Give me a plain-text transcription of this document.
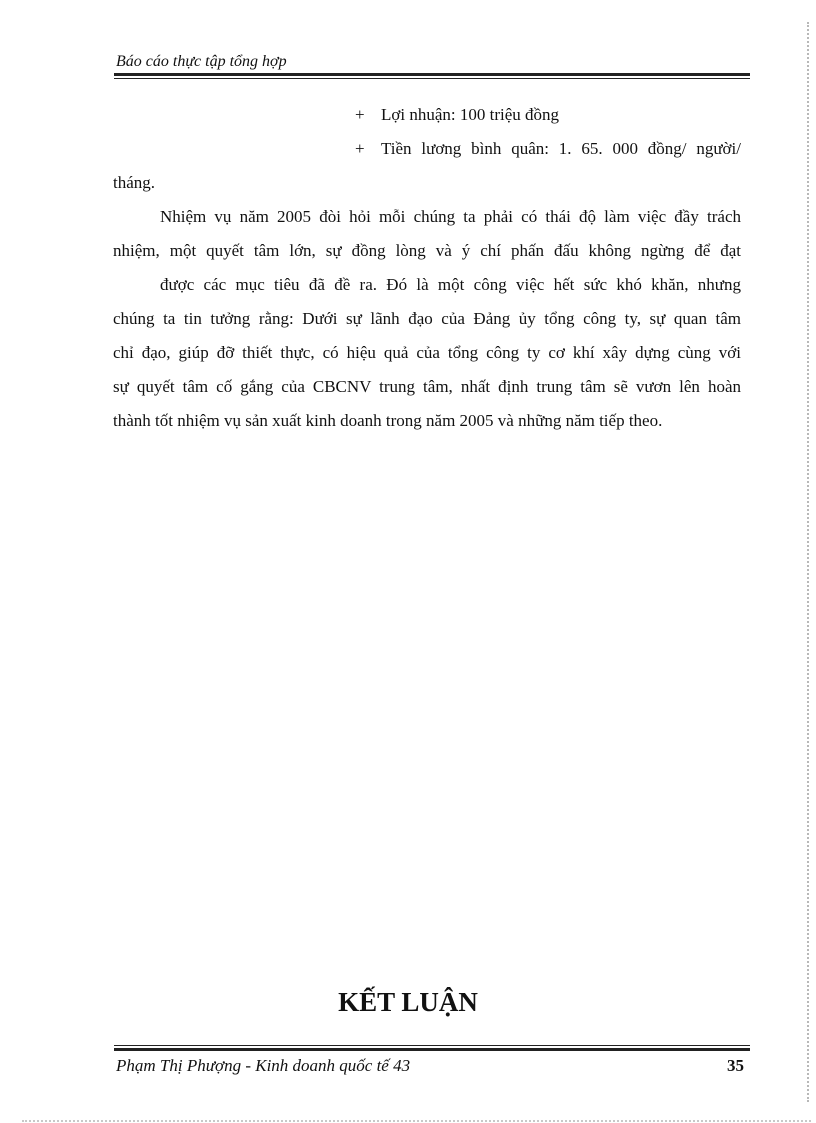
Báo cáo thực tập tổng hợp
+ Lợi nhuận: 100 triệu đồng
+ Tiền lương bình quân: 1. 65. 000 đồng/ người/
tháng.
Nhiệm vụ năm 2005 đòi hỏi mỗi chúng ta phải có thái độ làm việc đầy trách
nhiệm, một quyết tâm lớn, sự đồng lòng và ý chí phấn đấu không ngừng để đạt
được các mục tiêu đã đề ra. Đó là một công việc hết sức khó khăn, nhưng
chúng ta tin tưởng rằng: Dưới sự lãnh đạo của Đảng ủy tổng công ty, sự quan tâm
chỉ đạo, giúp đỡ thiết thực, có hiệu quả của tổng công ty cơ khí xây dựng cùng với
sự quyết tâm cố gắng của CBCNV trung tâm, nhất định trung tâm sẽ vươn lên hoàn
thành tốt nhiệm vụ sản xuất kinh doanh trong năm 2005 và những năm tiếp theo.
KẾT LUẬN
Phạm Thị Phượng - Kinh doanh quốc tế 43	35
